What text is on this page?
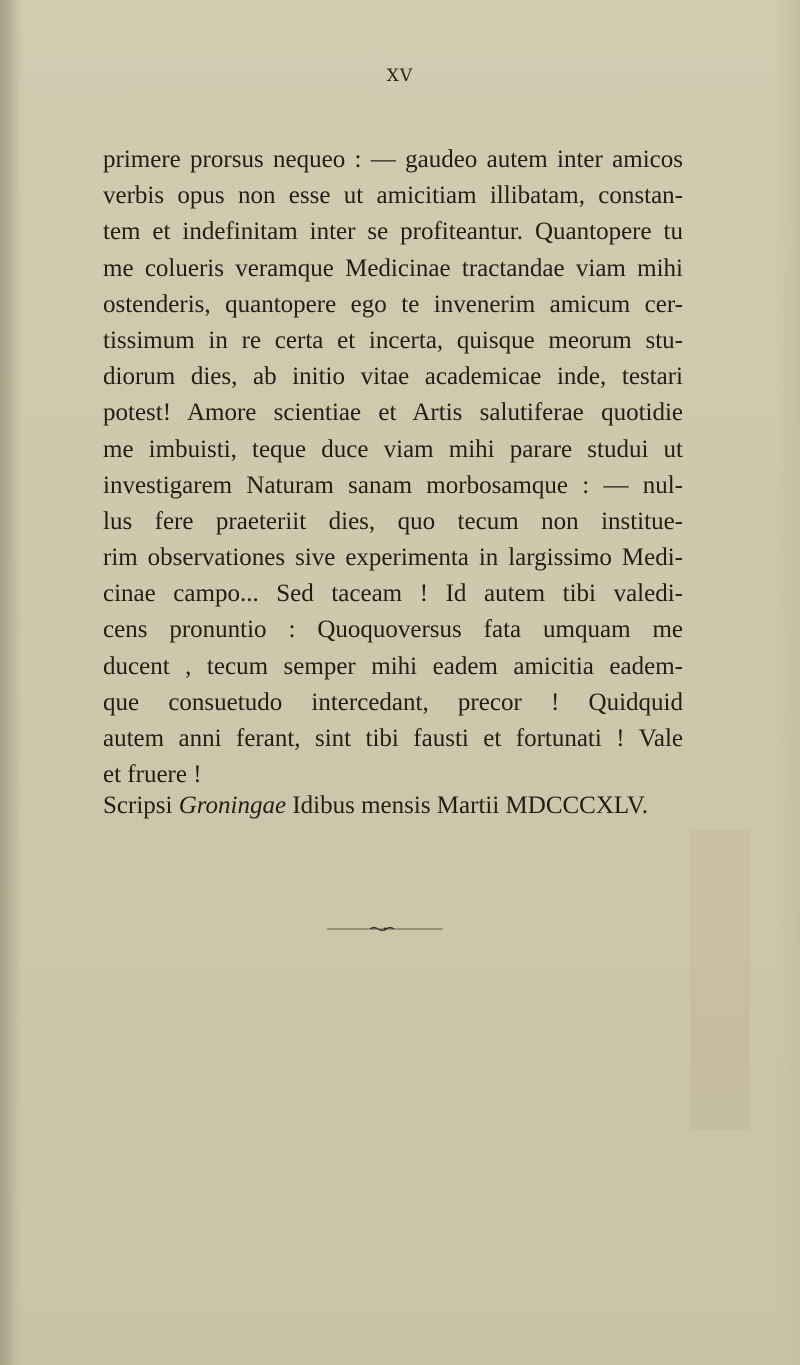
XV
primere prorsus nequeo : — gaudeo autem inter amicos
verbis opus non esse ut amicitiam illibatam, constan-
tem et indefinitam inter se profiteantur. Quantopere tu
me colueris veramque Medicinae tractandae viam mihi
ostenderis, quantopere ego te invenerim amicum cer-
tissimum in re certa et incerta, quisque meorum stu-
diorum dies, ab initio vitae academicae inde, testari
potest! Amore scientiae et Artis salutiferae quotidie
me imbuisti, teque duce viam mihi parare studui ut
investigarem Naturam sanam morbosamque : — nul-
lus fere praeteriit dies, quo tecum non institue-
rim observationes sive experimenta in largissimo Medi-
cinae campo... Sed taceam ! Id autem tibi valedi-
cens pronuntio : Quoquoversus fata umquam me
ducent , tecum semper mihi eadem amicitia eadem-
que consuetudo intercedant, precor ! Quidquid
autem anni ferant, sint tibi fausti et fortunati ! Vale
et fruere !
Scripsi Groningae Idibus mensis Martii MDCCCXLV.
